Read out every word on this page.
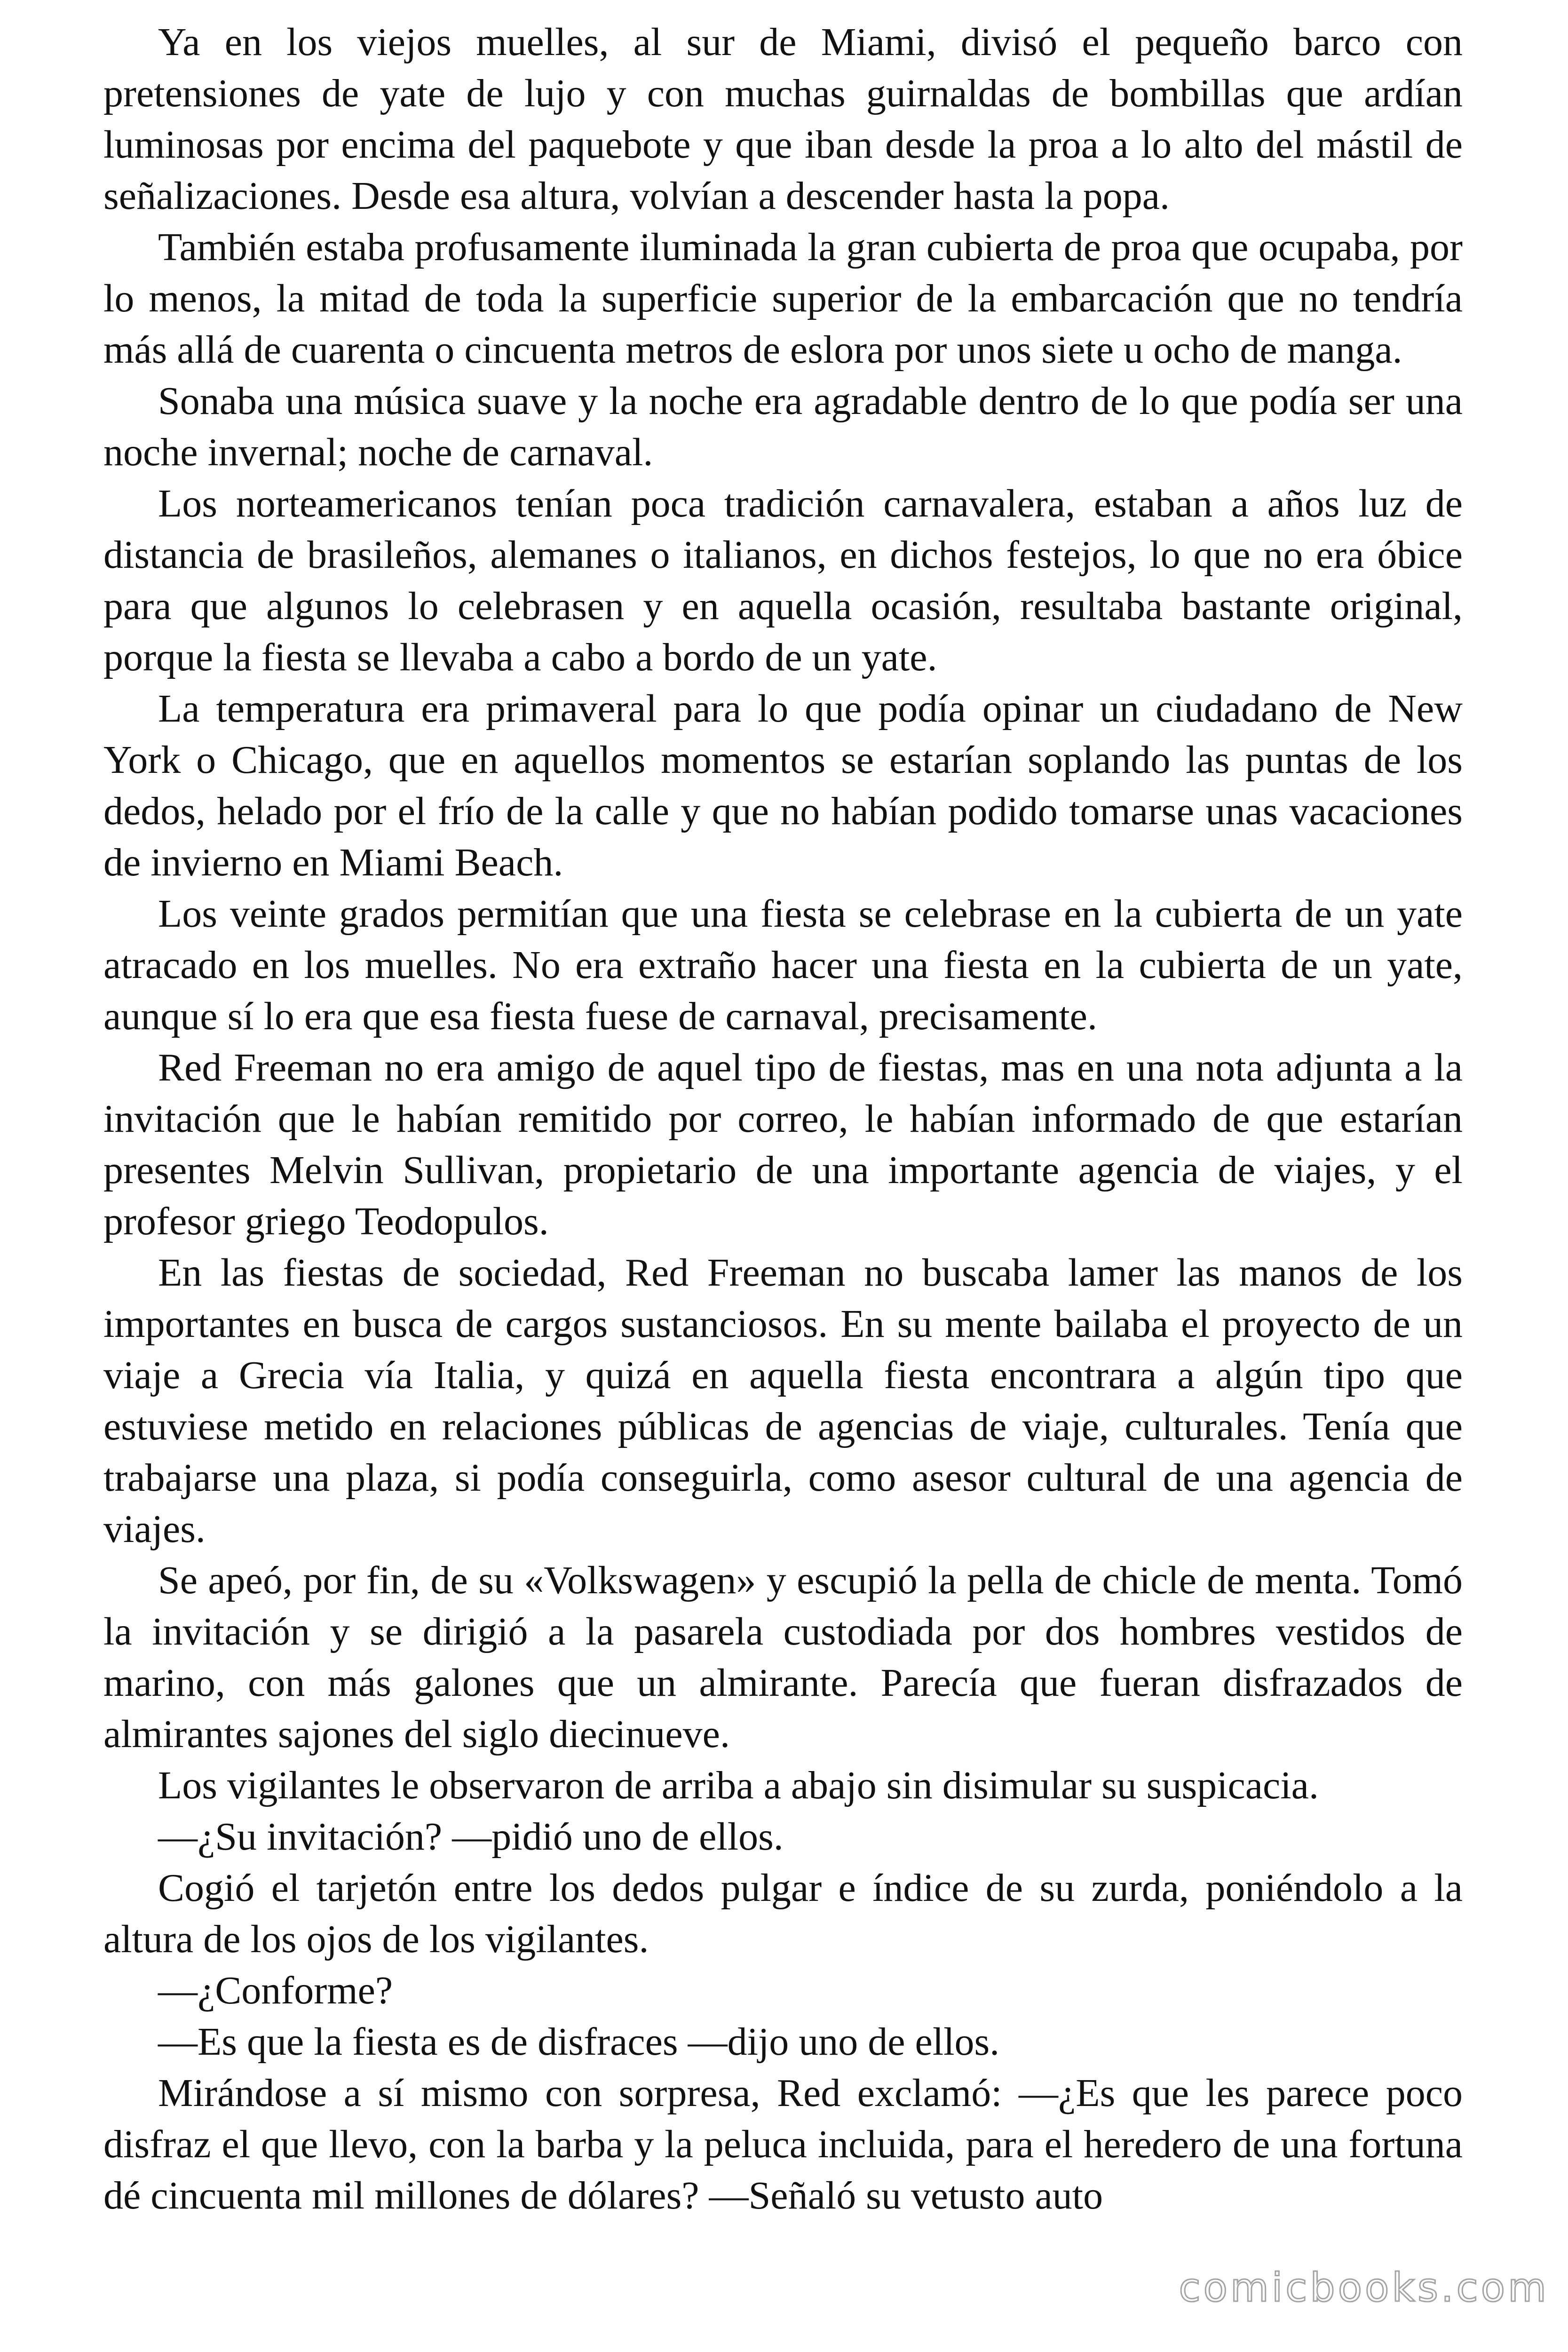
Ya en los viejos muelles, al sur de Miami, divisó el pequeño barco con pretensiones de yate de lujo y con muchas guirnaldas de bombillas que ardían luminosas por encima del paquebote y que iban desde la proa a lo alto del mástil de señalizaciones. Desde esa altura, volvían a descender hasta la popa.

También estaba profusamente iluminada la gran cubierta de proa que ocupaba, por lo menos, la mitad de toda la superficie superior de la embarcación que no tendría más allá de cuarenta o cincuenta metros de eslora por unos siete u ocho de manga.

Sonaba una música suave y la noche era agradable dentro de lo que podía ser una noche invernal; noche de carnaval.

Los norteamericanos tenían poca tradición carnavalera, estaban a años luz de distancia de brasileños, alemanes o italianos, en dichos festejos, lo que no era óbice para que algunos lo celebrasen y en aquella ocasión, resultaba bastante original, porque la fiesta se llevaba a cabo a bordo de un yate.

La temperatura era primaveral para lo que podía opinar un ciudadano de New York o Chicago, que en aquellos momentos se estarían soplando las puntas de los dedos, helado por el frío de la calle y que no habían podido tomarse unas vacaciones de invierno en Miami Beach.

Los veinte grados permitían que una fiesta se celebrase en la cubierta de un yate atracado en los muelles. No era extraño hacer una fiesta en la cubierta de un yate, aunque sí lo era que esa fiesta fuese de carnaval, precisamente.

Red Freeman no era amigo de aquel tipo de fiestas, mas en una nota adjunta a la invitación que le habían remitido por correo, le habían informado de que estarían presentes Melvin Sullivan, propietario de una importante agencia de viajes, y el profesor griego Teodopulos.

En las fiestas de sociedad, Red Freeman no buscaba lamer las manos de los importantes en busca de cargos sustanciosos. En su mente bailaba el proyecto de un viaje a Grecia vía Italia, y quizá en aquella fiesta encontrara a algún tipo que estuviese metido en relaciones públicas de agencias de viaje, culturales. Tenía que trabajarse una plaza, si podía conseguirla, como asesor cultural de una agencia de viajes.

Se apeó, por fin, de su «Volkswagen» y escupió la pella de chicle de menta. Tomó la invitación y se dirigió a la pasarela custodiada por dos hombres vestidos de marino, con más galones que un almirante. Parecía que fueran disfrazados de almirantes sajones del siglo diecinueve.

Los vigilantes le observaron de arriba a abajo sin disimular su suspicacia.

—¿Su invitación? —pidió uno de ellos.

Cogió el tarjetón entre los dedos pulgar e índice de su zurda, poniéndolo a la altura de los ojos de los vigilantes.

—¿Conforme?

—Es que la fiesta es de disfraces —dijo uno de ellos.

Mirándose a sí mismo con sorpresa, Red exclamó: —¿Es que les parece poco disfraz el que llevo, con la barba y la peluca incluida, para el heredero de una fortuna dé cincuenta mil millones de dólares? —Señaló su vetusto auto

comicbooks.com
